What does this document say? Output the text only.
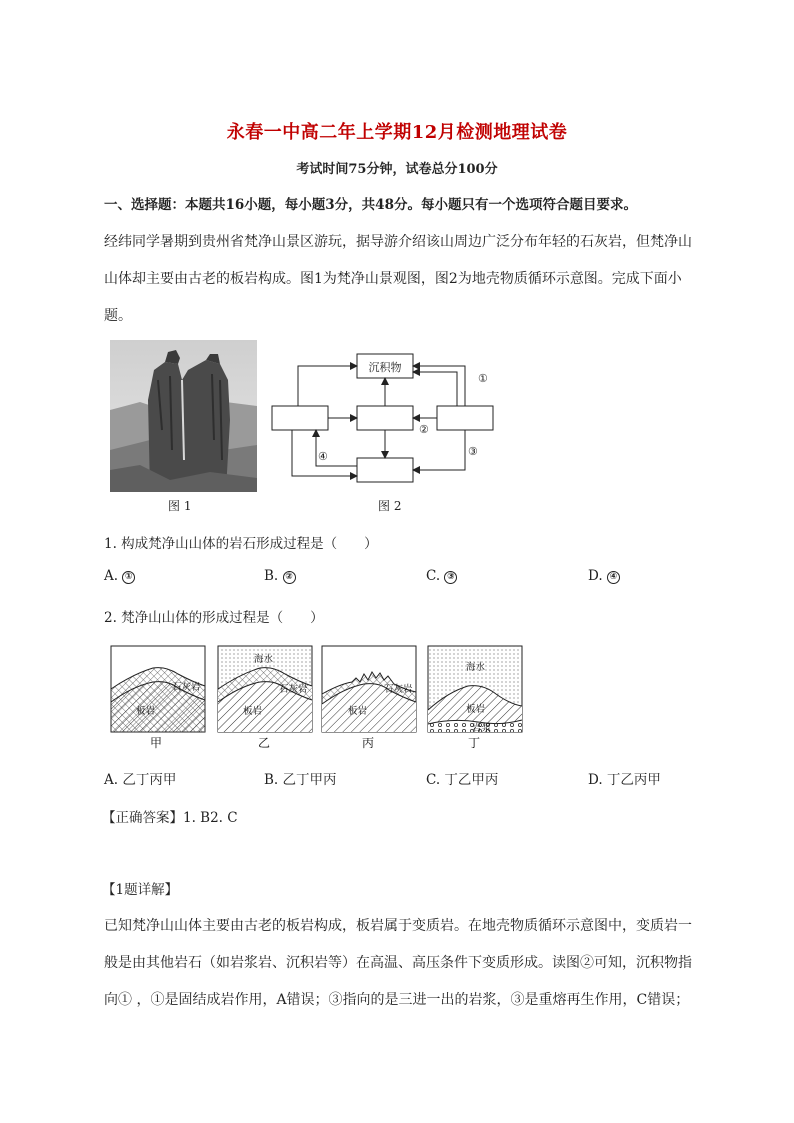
永春一中高二年上学期12月检测地理试卷
考试时间75分钟，试卷总分100分
一、选择题：本题共16小题，每小题3分，共48分。每小题只有一个选项符合题目要求。
经纬同学暑期到贵州省梵净山景区游玩，据导游介绍该山周边广泛分布年轻的石灰岩，但梵净山
山体却主要由古老的板岩构成。图1为梵净山景观图，图2为地壳物质循环示意图。完成下面小
题。
图 1
沉积物
①
②
③
④
图 2
1. 构成梵净山山体的岩石形成过程是（　　）
A. ①	B. ②	C. ③	D. ④
2. 梵净山山体的形成过程是（　　）
石灰岩
板岩
甲
海水
石灰岩
板岩
乙
石灰岩
板岩
丙
海水
板岩
岩浆
丁
A. 乙丁丙甲	B. 乙丁甲丙	C. 丁乙甲丙	D. 丁乙丙甲
【正确答案】1. B2. C
【1题详解】
已知梵净山山体主要由古老的板岩构成，板岩属于变质岩。在地壳物质循环示意图中，变质岩一
般是由其他岩石（如岩浆岩、沉积岩等）在高温、高压条件下变质形成。读图②可知，沉积物指
向① ，①是固结成岩作用，A错误；③指向的是三进一出的岩浆，③是重熔再生作用，C错误；
